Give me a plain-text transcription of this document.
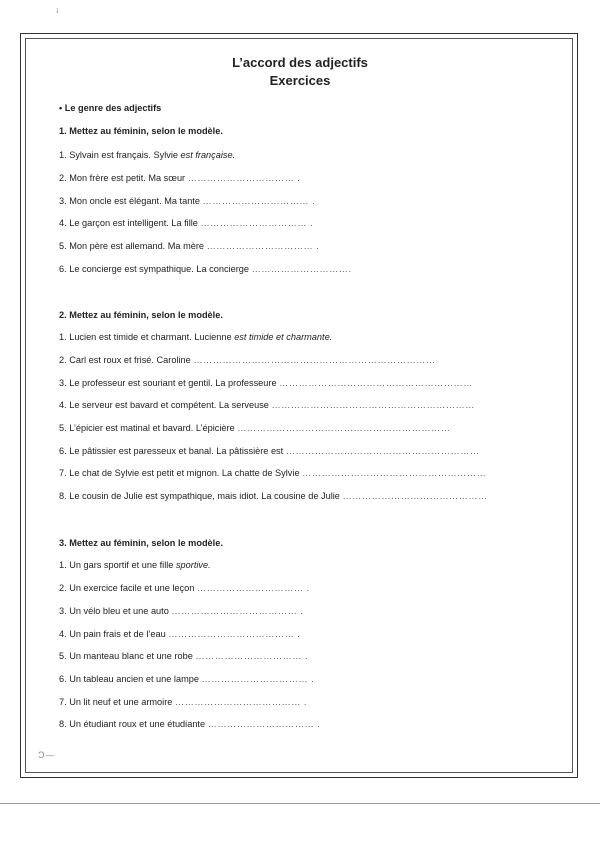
¡
Ɔ—
L’accord des adjectifs
Exercices
• Le genre des adjectifs
1. Mettez au féminin, selon le modèle.
1. Sylvain est français. Sylvie est française.
2. Mon frère est petit. Ma sœur …………………………… .
3. Mon oncle est élégant. Ma tante …………………………… .
4. Le garçon est intelligent. La fille …………………………… .
5. Mon père est allemand. Ma mère …………………………… .
6. Le concierge est sympathique. La concierge ………………………….
2. Mettez au féminin, selon le modèle.
1. Lucien est timide et charmant. Lucienne est timide et charmante.
2. Carl est roux et frisé. Caroline …………………………………………………………………
3. Le professeur est souriant et gentil. La professeure ……………………………………………………
4. Le serveur est bavard et compétent. La serveuse ………………………………………………………
5. L’épicier est matinal et bavard. L’épicière …………………………………………………………
6. Le pâtissier est paresseux et banal. La pâtissière est ……………………………………………………
7. Le chat de Sylvie est petit et mignon. La chatte de Sylvie …………………………………………………
8. Le cousin de Julie est sympathique, mais idiot. La cousine de Julie ………………………………………
3. Mettez au féminin, selon le modèle.
1. Un gars sportif et une fille sportive.
2. Un exercice facile et une leçon …………………………… .
3. Un vélo bleu et une auto ………………………………… .
4. Un pain frais et de l’eau ………………………………… .
5. Un manteau blanc et une robe …………………………… .
6. Un tableau ancien et une lampe …………………………… .
7. Un lit neuf et une armoire ………………………………… .
8. Un étudiant roux et une étudiante …………………………… .
